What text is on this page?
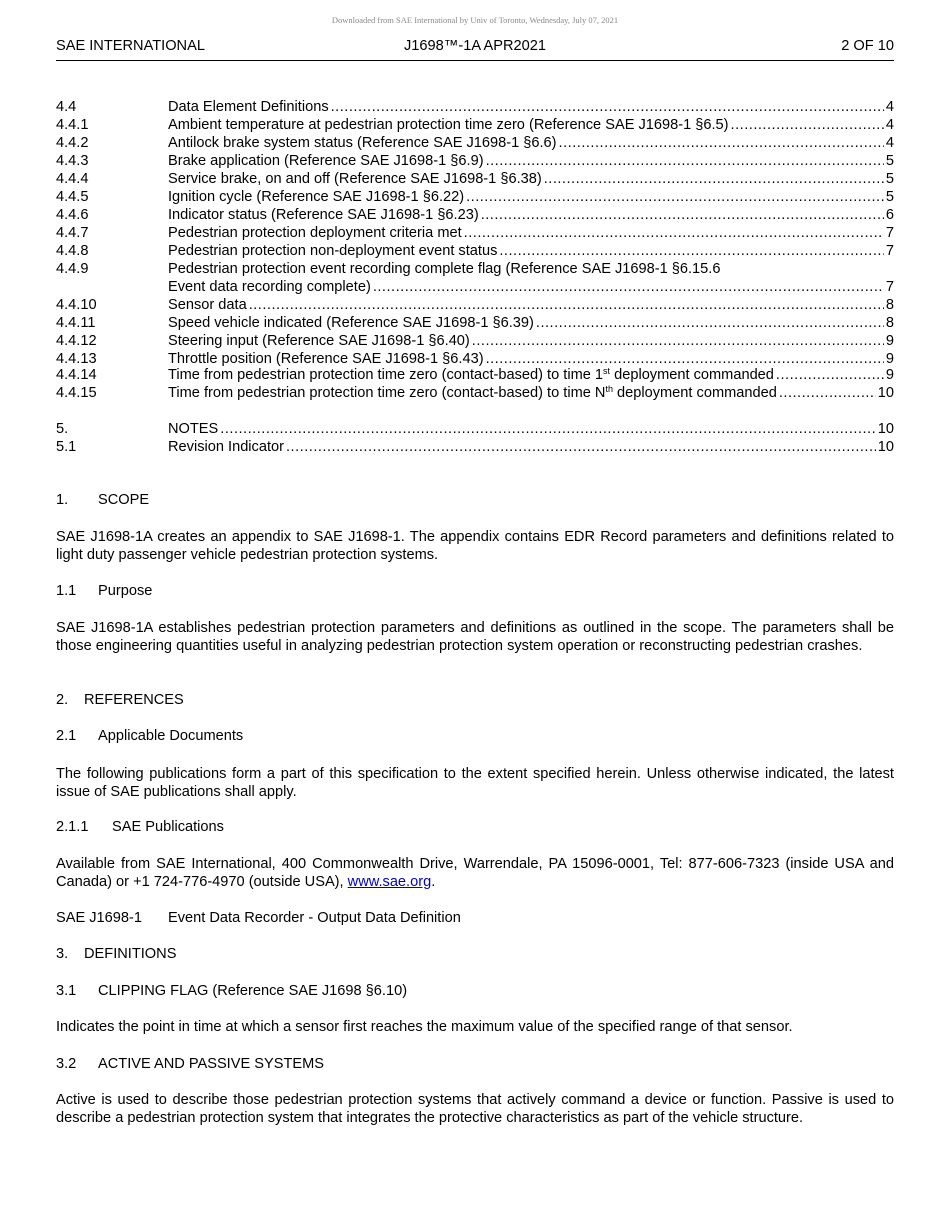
Downloaded from SAE International by Univ of Toronto, Wednesday, July 07, 2021
SAE INTERNATIONAL	J1698™-1A APR2021	2 OF 10
4.4	Data Element Definitions .....	4
4.4.1	Ambient temperature at pedestrian protection time zero (Reference SAE J1698-1 §6.5) .....	4
4.4.2	Antilock brake system status (Reference SAE J1698-1 §6.6) .....	4
4.4.3	Brake application (Reference SAE J1698-1 §6.9) .....	5
4.4.4	Service brake, on and off (Reference SAE J1698-1 §6.38) .....	5
4.4.5	Ignition cycle (Reference SAE J1698-1 §6.22) .....	5
4.4.6	Indicator status (Reference SAE J1698-1 §6.23) .....	6
4.4.7	Pedestrian protection deployment criteria met .....	7
4.4.8	Pedestrian protection non-deployment event status .....	7
4.4.9	Pedestrian protection event recording complete flag (Reference SAE J1698-1 §6.15.6
Event data recording complete) .....	7
4.4.10	Sensor data .....	8
4.4.11	Speed vehicle indicated (Reference SAE J1698-1 §6.39) .....	8
4.4.12	Steering input (Reference SAE J1698-1 §6.40) .....	9
4.4.13	Throttle position (Reference SAE J1698-1 §6.43) .....	9
4.4.14	Time from pedestrian protection time zero (contact-based) to time 1st deployment commanded .....	9
4.4.15	Time from pedestrian protection time zero (contact-based) to time $N^{th}$ deployment commanded .....	10
5.	NOTES .....	10
5.1	Revision Indicator .....	10
1. SCOPE
SAE J1698-1A creates an appendix to SAE J1698-1. The appendix contains EDR Record parameters and definitions related to light duty passenger vehicle pedestrian protection systems.
1.1 Purpose
SAE J1698-1A establishes pedestrian protection parameters and definitions as outlined in the scope. The parameters shall be those engineering quantities useful in analyzing pedestrian protection system operation or reconstructing pedestrian crashes.
2. REFERENCES
2.1 Applicable Documents
The following publications form a part of this specification to the extent specified herein. Unless otherwise indicated, the latest issue of SAE publications shall apply.
2.1.1 SAE Publications
Available from SAE International, 400 Commonwealth Drive, Warrendale, PA 15096-0001, Tel: 877-606-7323 (inside USA and Canada) or +1 724-776-4970 (outside USA), www.sae.org.
SAE J1698-1 Event Data Recorder - Output Data Definition
3. DEFINITIONS
3.1 CLIPPING FLAG (Reference SAE J1698 §6.10)
Indicates the point in time at which a sensor first reaches the maximum value of the specified range of that sensor.
3.2 ACTIVE AND PASSIVE SYSTEMS
Active is used to describe those pedestrian protection systems that actively command a device or function. Passive is used to describe a pedestrian protection system that integrates the protective characteristics as part of the vehicle structure.
